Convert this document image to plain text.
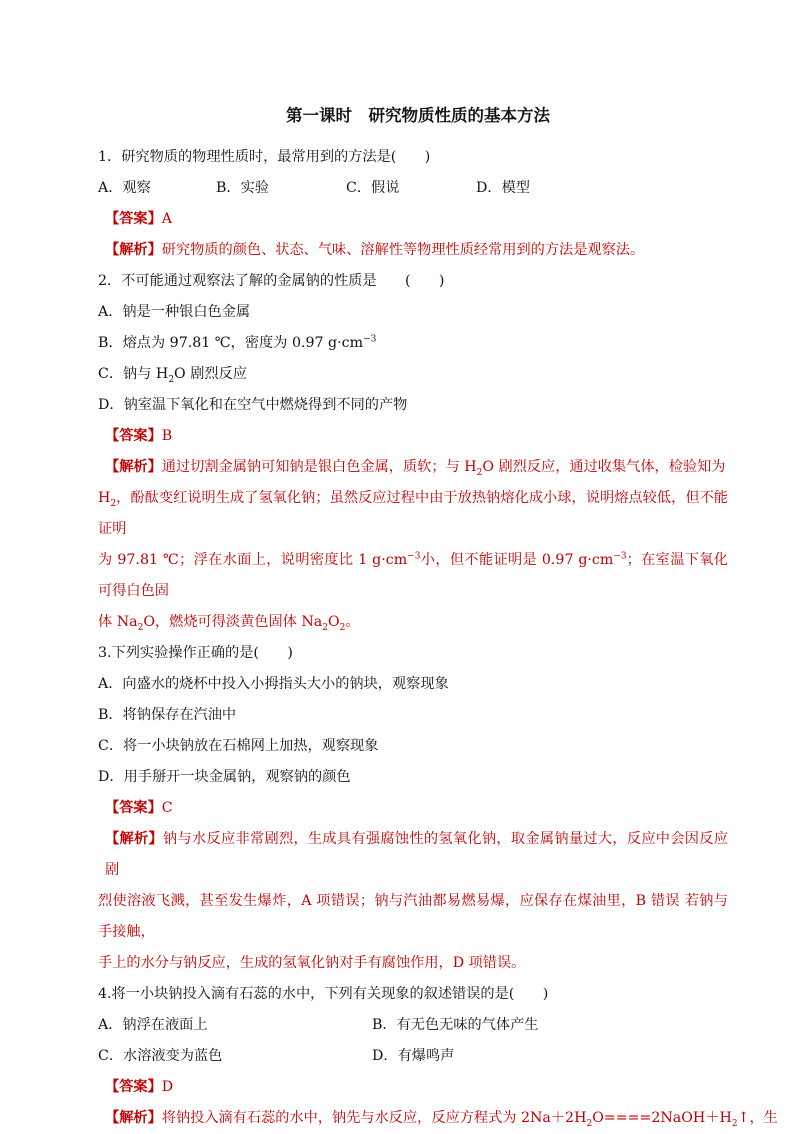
第一课时　研究物质性质的基本方法
1．研究物质的物理性质时，最常用到的方法是(　　)
A．观察	B．实验	C．假说	D．模型
【答案】A
【解析】研究物质的颜色、状态、气味、溶解性等物理性质经常用到的方法是观察法。
2．不可能通过观察法了解的金属钠的性质是　　(　　)
A．钠是一种银白色金属
B．熔点为 97.81 ℃，密度为 0.97 $g\cdot cm^{-3}$
C．钠与 $H_2O$ 剧烈反应
D．钠室温下氧化和在空气中燃烧得到不同的产物
【答案】B
【解析】通过切割金属钠可知钠是银白色金属，质软；与 $H_2O$ 剧烈反应，通过收集气体，检验知为
$H_2$，酚酞变红说明生成了氢氧化钠；虽然反应过程中由于放热钠熔化成小球，说明熔点较低，但不能证明
为 97.81 ℃；浮在水面上，说明密度比 1 $g\cdot cm^{-3}$小，但不能证明是 0.97 $g\cdot cm^{-3}$；在室温下氧化可得白色固
体 $Na_2O$，燃烧可得淡黄色固体 $Na_2O_2$。
3.下列实验操作正确的是(　　)
A．向盛水的烧杯中投入小拇指头大小的钠块，观察现象
B．将钠保存在汽油中
C．将一小块钠放在石棉网上加热，观察现象
D．用手掰开一块金属钠，观察钠的颜色
【答案】C
【解析】钠与水反应非常剧烈，生成具有强腐蚀性的氢氧化钠，取金属钠量过大，反应中会因反应剧
烈使溶液飞溅，甚至发生爆炸，A 项错误；钠与汽油都易燃易爆，应保存在煤油里，B 错误 若钠与手接触，
手上的水分与钠反应，生成的氢氧化钠对手有腐蚀作用，D 项错误。
4.将一小块钠投入滴有石蕊的水中，下列有关现象的叙述错误的是(　　)
A．钠浮在液面上	B．有无色无味的气体产生
C．水溶液变为蓝色	D．有爆鸣声
【答案】D
【解析】将钠投入滴有石蕊的水中，钠先与水反应，反应方程式为 $2Na+2H_2O====2NaOH+H_2↑$，生
